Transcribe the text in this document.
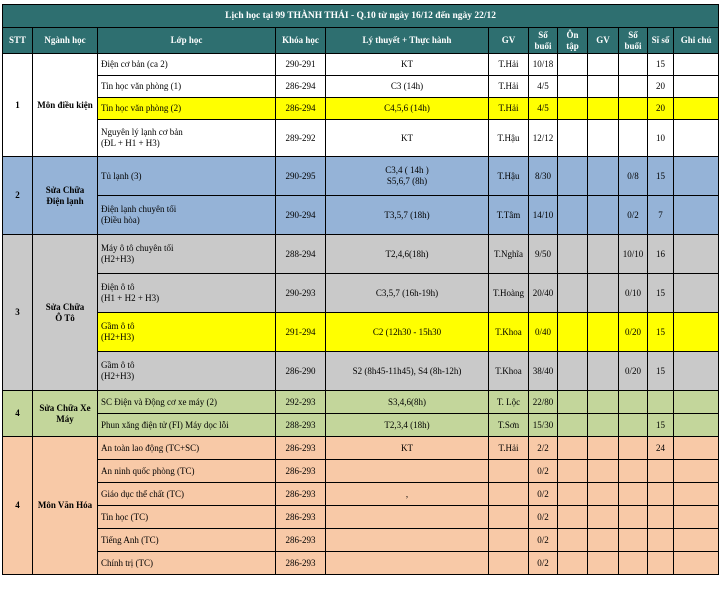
Lịch học tại 99 THÀNH THÁI - Q.10 từ ngày 16/12 đến ngày 22/12											
STT	Ngành học	Lớp học	Khóa học	Lý thuyết + Thực hành	GV	Số buổi	Ôn tập	GV	Số buổi	Sĩ số	Ghi chú
1	Môn điều kiện	Điện cơ bản (ca 2)	290-291	KT	T.Hải	10/18				15	

		Tin học văn phòng (1)	286-294	C3 (14h)	T.Hải	4/5				20	

		Tin học văn phòng (2)	286-294	C4,5,6 (14h)	T.Hải	4/5				20	

		Nguyên lý lạnh cơ bản
(ĐL + H1 + H3)	289-292	KT	T.Hậu	12/12				10	
2	Sửa Chữa
Điện lạnh	Tủ lạnh (3)	290-295	C3,4 ( 14h )
S5,6,7 (8h)	T.Hậu	8/30			0/8	15	

		Điện lạnh chuyên tối
(Điều hòa)	290-294	T3,5,7 (18h)	T.Tâm	14/10			0/2	7	
3	Sửa Chữa
Ô Tô	Máy ô tô chuyên tối
(H2+H3)	288-294	T2,4,6(18h)	T.Nghĩa	9/50			10/10	16	

		Điện ô tô
(H1 + H2 + H3)	290-293	C3,5,7 (16h-19h)	T.Hoàng	20/40			0/10	15	

		Gầm ô tô
(H2+H3)	291-294	C2 (12h30 - 15h30	T.Khoa	0/40			0/20	15	

		Gầm ô tô
(H2+H3)	286-290	S2 (8h45-11h45), S4 (8h-12h)	T.Khoa	38/40			0/20	15	
4	Sửa Chữa Xe
Máy	SC Điện và Động cơ xe máy (2)	292-293	S3,4,6(8h)	T. Lộc	22/80					

		Phun xăng điện tử (FI) Máy dọc lỗi	288-293	T2,3,4 (18h)	T.Sơn	15/30				15	
4	Môn Văn Hóa	An toàn lao động (TC+SC)	286-293	KT	T.Hải	2/2				24	

		An ninh quốc phòng (TC)	286-293			0/2					

		Giáo dục thể chất (TC)	286-293	,		0/2					

		Tin học (TC)	286-293			0/2					

		Tiếng Anh (TC)	286-293			0/2					

		Chính trị (TC)	286-293			0/2					
